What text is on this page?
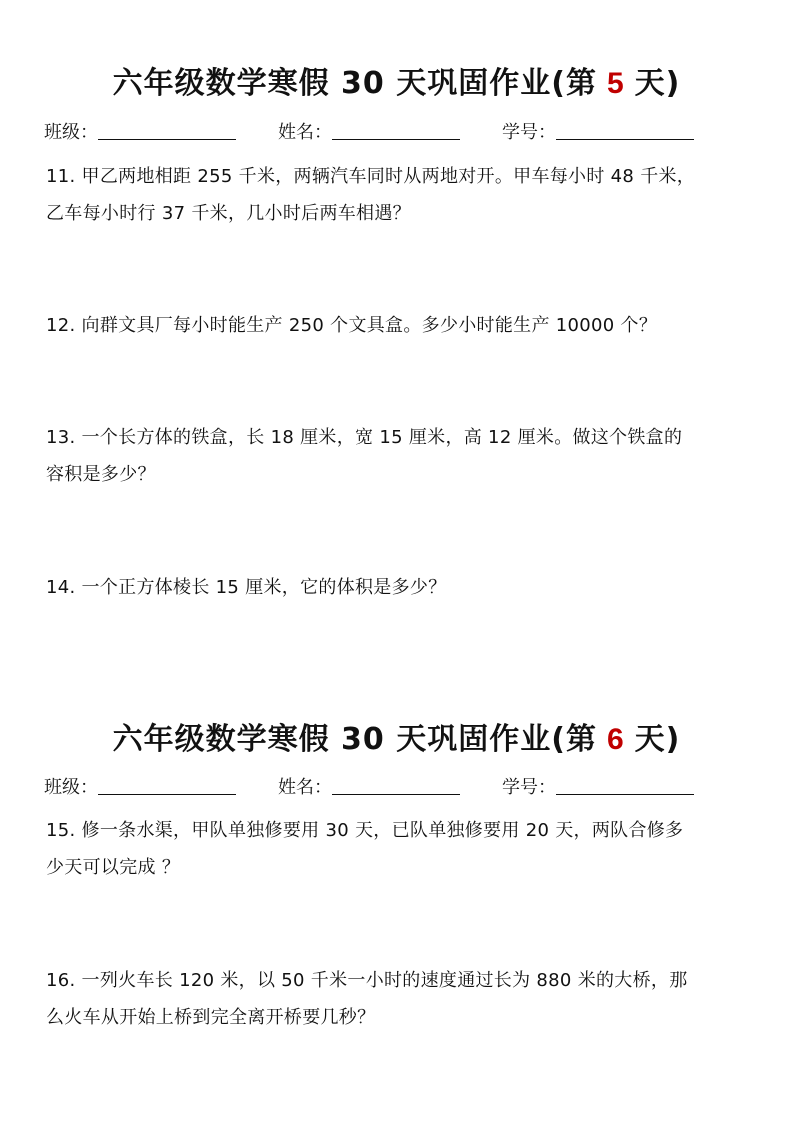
六年级数学寒假 30 天巩固作业(第 5 天)
班级：	姓名：	学号：
11. 甲乙两地相距 255 千米，两辆汽车同时从两地对开。甲车每小时 48 千米，
乙车每小时行 37 千米，几小时后两车相遇？
12. 向群文具厂每小时能生产 250 个文具盒。多少小时能生产 10000 个？
13. 一个长方体的铁盒，长 18 厘米，宽 15 厘米，高 12 厘米。做这个铁盒的
容积是多少？
14. 一个正方体棱长 15 厘米，它的体积是多少？
六年级数学寒假 30 天巩固作业(第 6 天)
班级：	姓名：	学号：
15. 修一条水渠，甲队单独修要用 30 天，已队单独修要用 20 天，两队合修多
少天可以完成 ？
16. 一列火车长 120 米，以 50 千米一小时的速度通过长为 880 米的大桥，那
么火车从开始上桥到完全离开桥要几秒？
